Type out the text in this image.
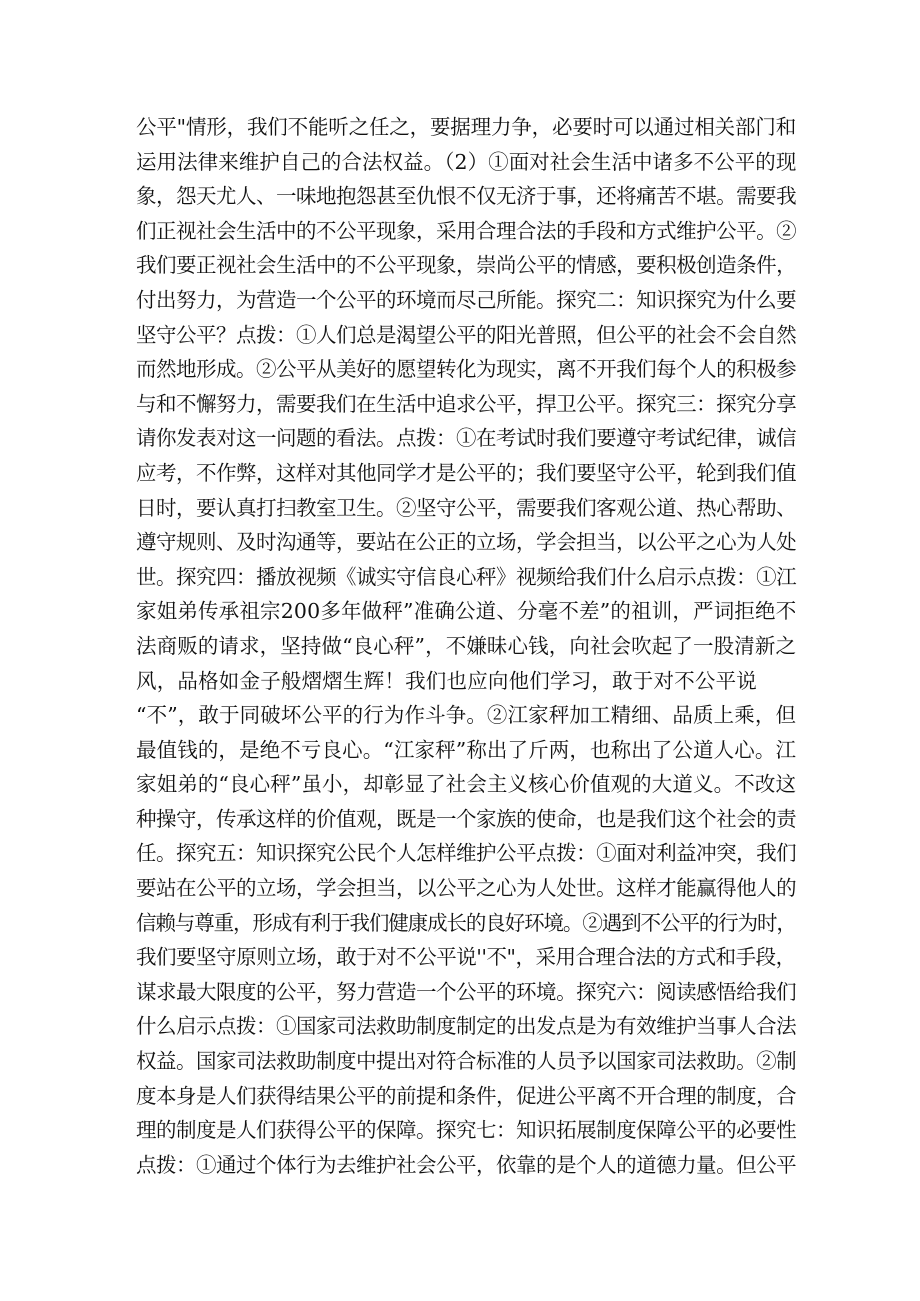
公平"情形，我们不能听之任之，要据理力争，必要时可以通过相关部门和
运用法律来维护自己的合法权益。（2）①面对社会生活中诸多不公平的现
象，怨天尤人、一味地抱怨甚至仇恨不仅无济于事，还将痛苦不堪。需要我
们正视社会生活中的不公平现象，采用合理合法的手段和方式维护公平。②
我们要正视社会生活中的不公平现象，崇尚公平的情感，要积极创造条件，
付出努力，为营造一个公平的环境而尽己所能。探究二：知识探究为什么要
坚守公平？点拨：①人们总是渴望公平的阳光普照，但公平的社会不会自然
而然地形成。②公平从美好的愿望转化为现实，离不开我们每个人的积极参
与和不懈努力，需要我们在生活中追求公平，捍卫公平。探究三：探究分享
请你发表对这一问题的看法。点拨：①在考试时我们要遵守考试纪律，诚信
应考，不作弊，这样对其他同学才是公平的；我们要坚守公平，轮到我们值
日时，要认真打扫教室卫生。②坚守公平，需要我们客观公道、热心帮助、
遵守规则、及时沟通等，要站在公正的立场，学会担当，以公平之心为人处
世。探究四：播放视频《诚实守信良心秤》视频给我们什么启示点拨：①江
家姐弟传承祖宗200多年做秤”准确公道、分毫不差”的祖训，严词拒绝不
法商贩的请求，坚持做“良心秤”，不嫌昧心钱，向社会吹起了一股清新之
风，品格如金子般熠熠生辉！我们也应向他们学习，敢于对不公平说
“不”，敢于同破坏公平的行为作斗争。②江家秤加工精细、品质上乘，但
最值钱的，是绝不亏良心。“江家秤”称出了斤两，也称出了公道人心。江
家姐弟的“良心秤”虽小，却彰显了社会主义核心价值观的大道义。不改这
种操守，传承这样的价值观，既是一个家族的使命，也是我们这个社会的责
任。探究五：知识探究公民个人怎样维护公平点拨：①面对利益冲突，我们
要站在公平的立场，学会担当，以公平之心为人处世。这样才能赢得他人的
信赖与尊重，形成有利于我们健康成长的良好环境。②遇到不公平的行为时，
我们要坚守原则立场，敢于对不公平说''不"，采用合理合法的方式和手段，
谋求最大限度的公平，努力营造一个公平的环境。探究六：阅读感悟给我们
什么启示点拨：①国家司法救助制度制定的出发点是为有效维护当事人合法
权益。国家司法救助制度中提出对符合标准的人员予以国家司法救助。②制
度本身是人们获得结果公平的前提和条件，促进公平离不开合理的制度，合
理的制度是人们获得公平的保障。探究七：知识拓展制度保障公平的必要性
点拨：①通过个体行为去维护社会公平，依靠的是个人的道德力量。但公平
